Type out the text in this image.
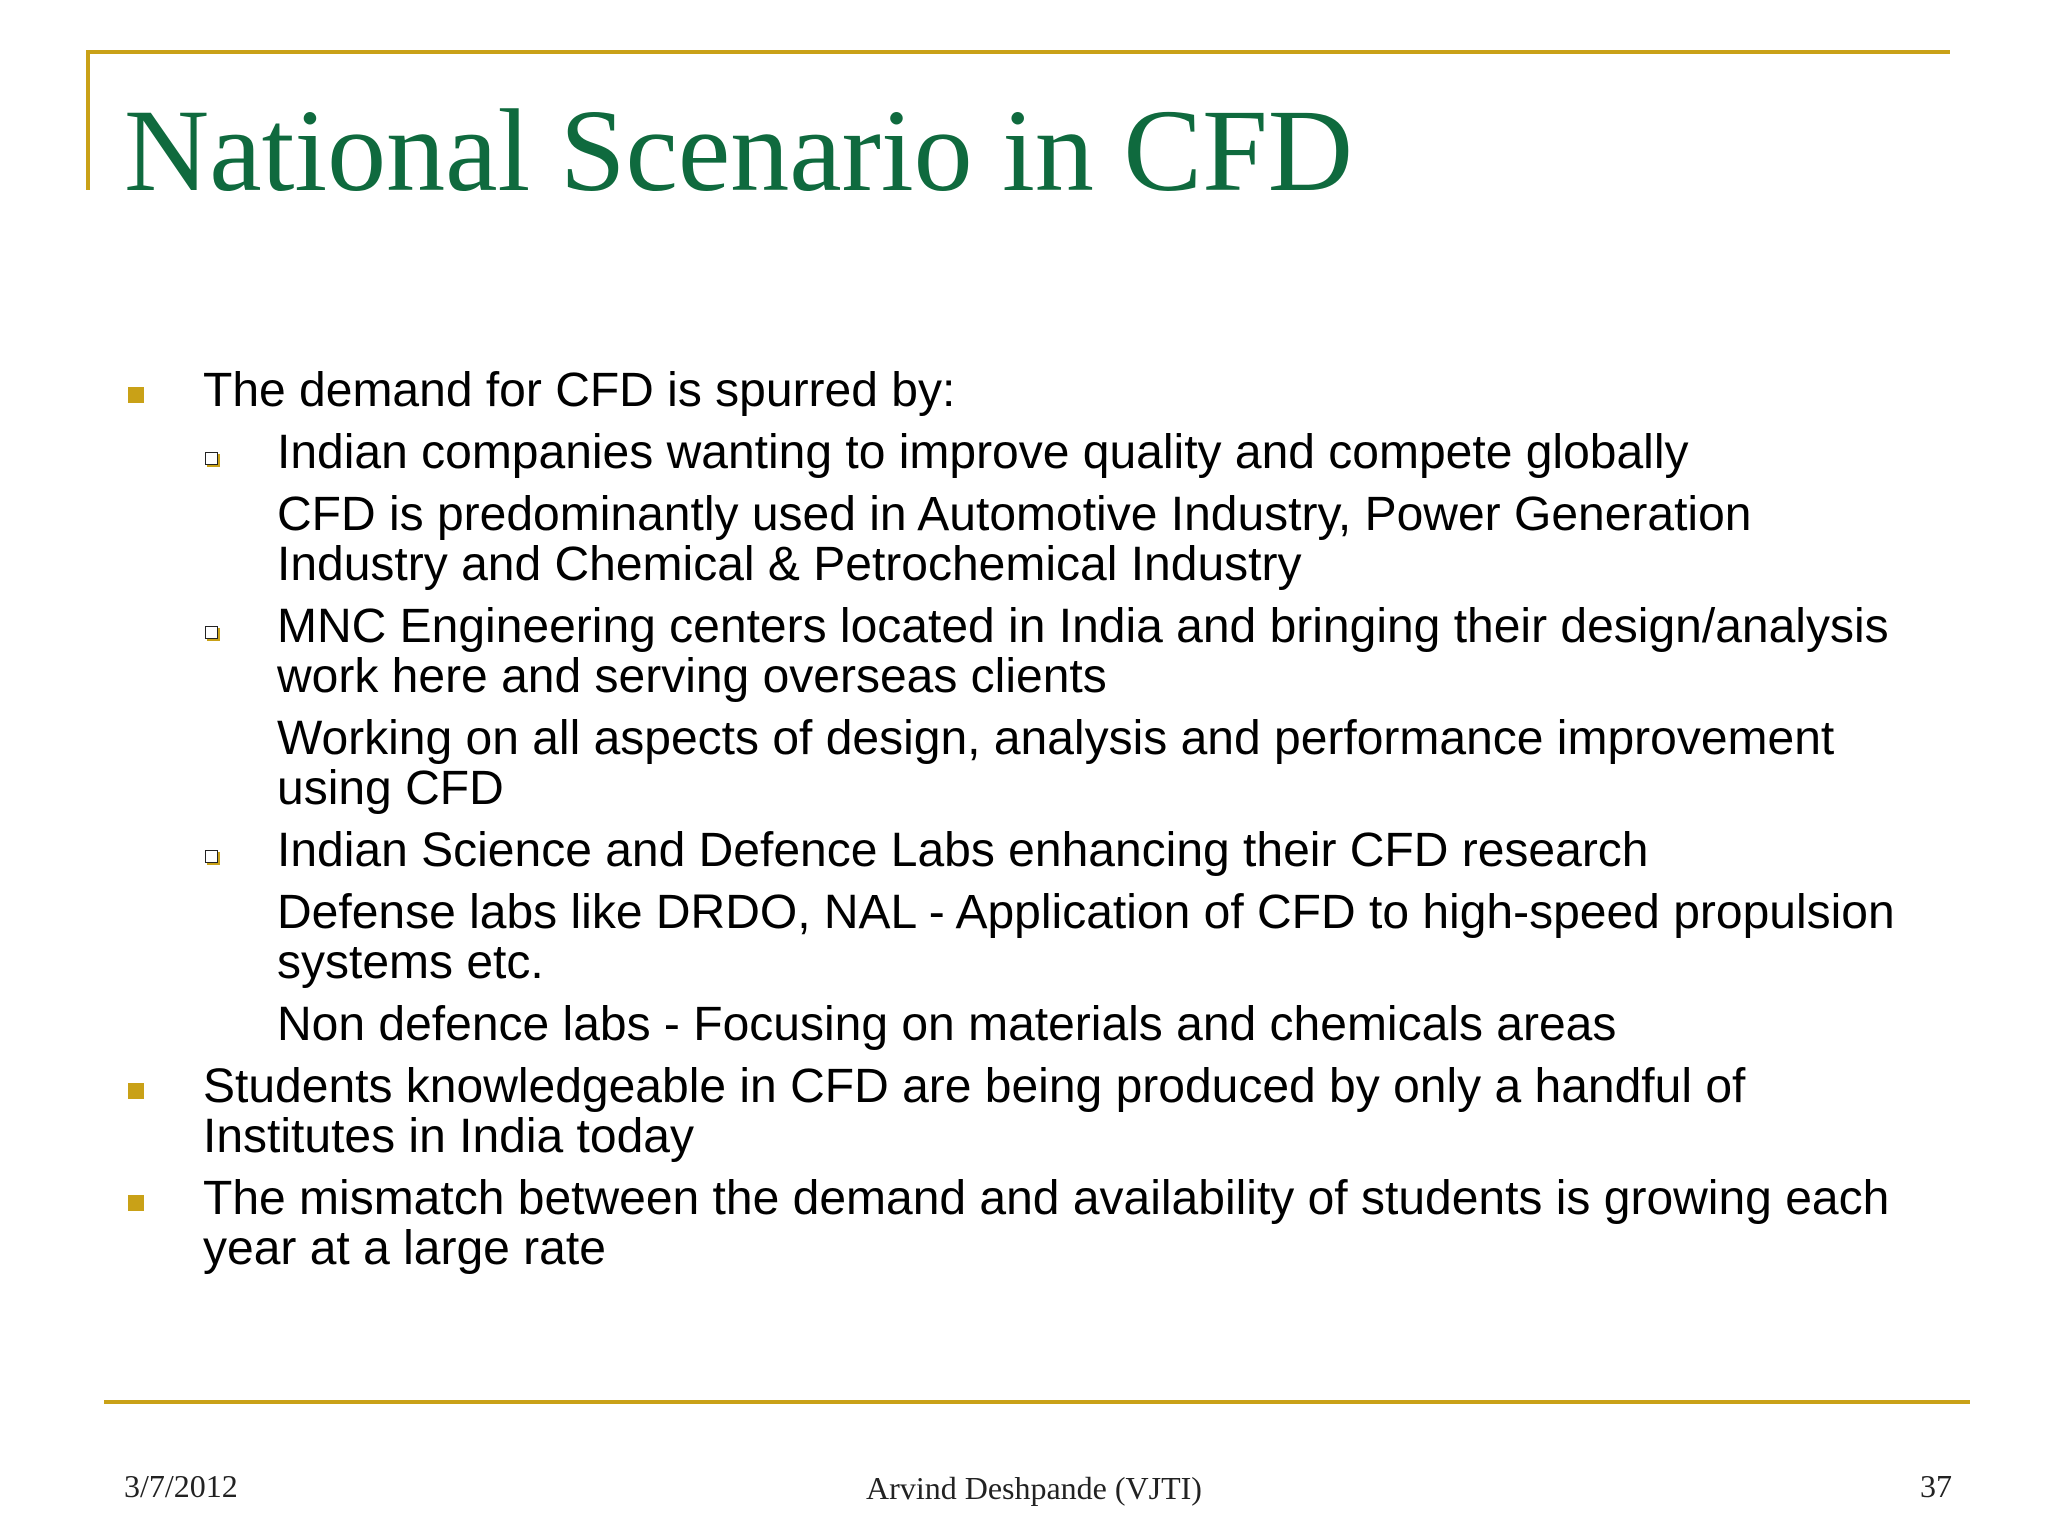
National Scenario in CFD

The demand for CFD is spurred by:

Indian companies wanting to improve quality and compete globally

CFD is predominantly used in Automotive Industry, Power Generation Industry and Chemical & Petrochemical Industry

MNC Engineering centers located in India and bringing their design/analysis work here and serving overseas clients

Working on all aspects of design, analysis and performance improvement using CFD

Indian Science and Defence Labs enhancing their CFD research

Defense labs like DRDO, NAL - Application of CFD to high-speed propulsion systems etc.

Non defence labs - Focusing on materials and chemicals areas

Students knowledgeable in CFD are being produced by only a handful of Institutes in India today

The mismatch between the demand and availability of students is growing each year at a large rate

3/7/2012	Arvind Deshpande (VJTI)	37
